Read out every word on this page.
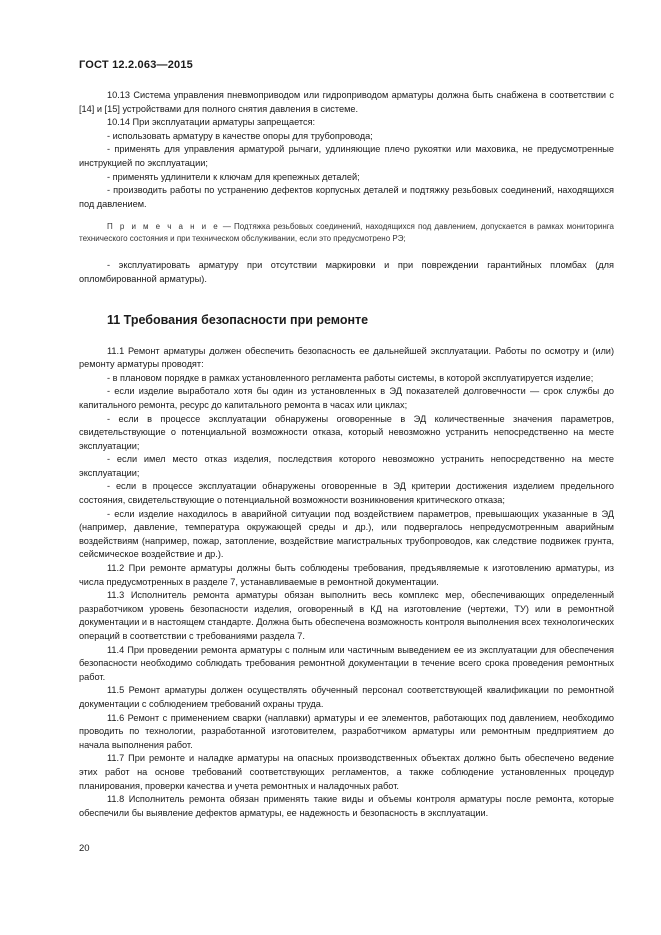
ГОСТ 12.2.063—2015

10.13 Система управления пневмоприводом или гидроприводом арматуры должна быть снабжена в соответствии с [14] и [15] устройствами для полного снятия давления в системе.

10.14 При эксплуатации арматуры запрещается:

- использовать арматуру в качестве опоры для трубопровода;

- применять для управления арматурой рычаги, удлиняющие плечо рукоятки или маховика, не предусмотренные инструкцией по эксплуатации;

- применять удлинители к ключам для крепежных деталей;

- производить работы по устранению дефектов корпусных деталей и подтяжку резьбовых соединений, находящихся под давлением.

П р и м е ч а н и е — Подтяжка резьбовых соединений, находящихся под давлением, допускается в рамках мониторинга технического состояния и при техническом обслуживании, если это предусмотрено РЭ;

- эксплуатировать арматуру при отсутствии маркировки и при повреждении гарантийных пломбах (для опломбированной арматуры).

11 Требования безопасности при ремонте

11.1 Ремонт арматуры должен обеспечить безопасность ее дальнейшей эксплуатации. Работы по осмотру и (или) ремонту арматуры проводят:

- в плановом порядке в рамках установленного регламента работы системы, в которой эксплуатируется изделие;

- если изделие выработало хотя бы один из установленных в ЭД показателей долговечности — срок службы до капитального ремонта, ресурс до капитального ремонта в часах или циклах;

- если в процессе эксплуатации обнаружены оговоренные в ЭД количественные значения параметров, свидетельствующие о потенциальной возможности отказа, который невозможно устранить непосредственно на месте эксплуатации;

- если имел место отказ изделия, последствия которого невозможно устранить непосредственно на месте эксплуатации;

- если в процессе эксплуатации обнаружены оговоренные в ЭД критерии достижения изделием предельного состояния, свидетельствующие о потенциальной возможности возникновения критического отказа;

- если изделие находилось в аварийной ситуации под воздействием параметров, превышающих указанные в ЭД (например, давление, температура окружающей среды и др.), или подвергалось непредусмотренным аварийным воздействиям (например, пожар, затопление, воздействие магистральных трубопроводов, как следствие подвижек грунта, сейсмическое воздействие и др.).

11.2 При ремонте арматуры должны быть соблюдены требования, предъявляемые к изготовлению арматуры, из числа предусмотренных в разделе 7, устанавливаемые в ремонтной документации.

11.3 Исполнитель ремонта арматуры обязан выполнить весь комплекс мер, обеспечивающих определенный разработчиком уровень безопасности изделия, оговоренный в КД на изготовление (чертежи, ТУ) или в ремонтной документации и в настоящем стандарте. Должна быть обеспечена возможность контроля выполнения всех технологических операций в соответствии с требованиями раздела 7.

11.4 При проведении ремонта арматуры с полным или частичным выведением ее из эксплуатации для обеспечения безопасности необходимо соблюдать требования ремонтной документации в течение всего срока проведения ремонтных работ.

11.5 Ремонт арматуры должен осуществлять обученный персонал соответствующей квалификации по ремонтной документации с соблюдением требований охраны труда.

11.6 Ремонт с применением сварки (наплавки) арматуры и ее элементов, работающих под давлением, необходимо проводить по технологии, разработанной изготовителем, разработчиком арматуры или ремонтным предприятием до начала выполнения работ.

11.7 При ремонте и наладке арматуры на опасных производственных объектах должно быть обеспечено ведение этих работ на основе требований соответствующих регламентов, а также соблюдение установленных процедур планирования, проверки качества и учета ремонтных и наладочных работ.

11.8 Исполнитель ремонта обязан применять такие виды и объемы контроля арматуры после ремонта, которые обеспечили бы выявление дефектов арматуры, ее надежность и безопасность в эксплуатации.

20
